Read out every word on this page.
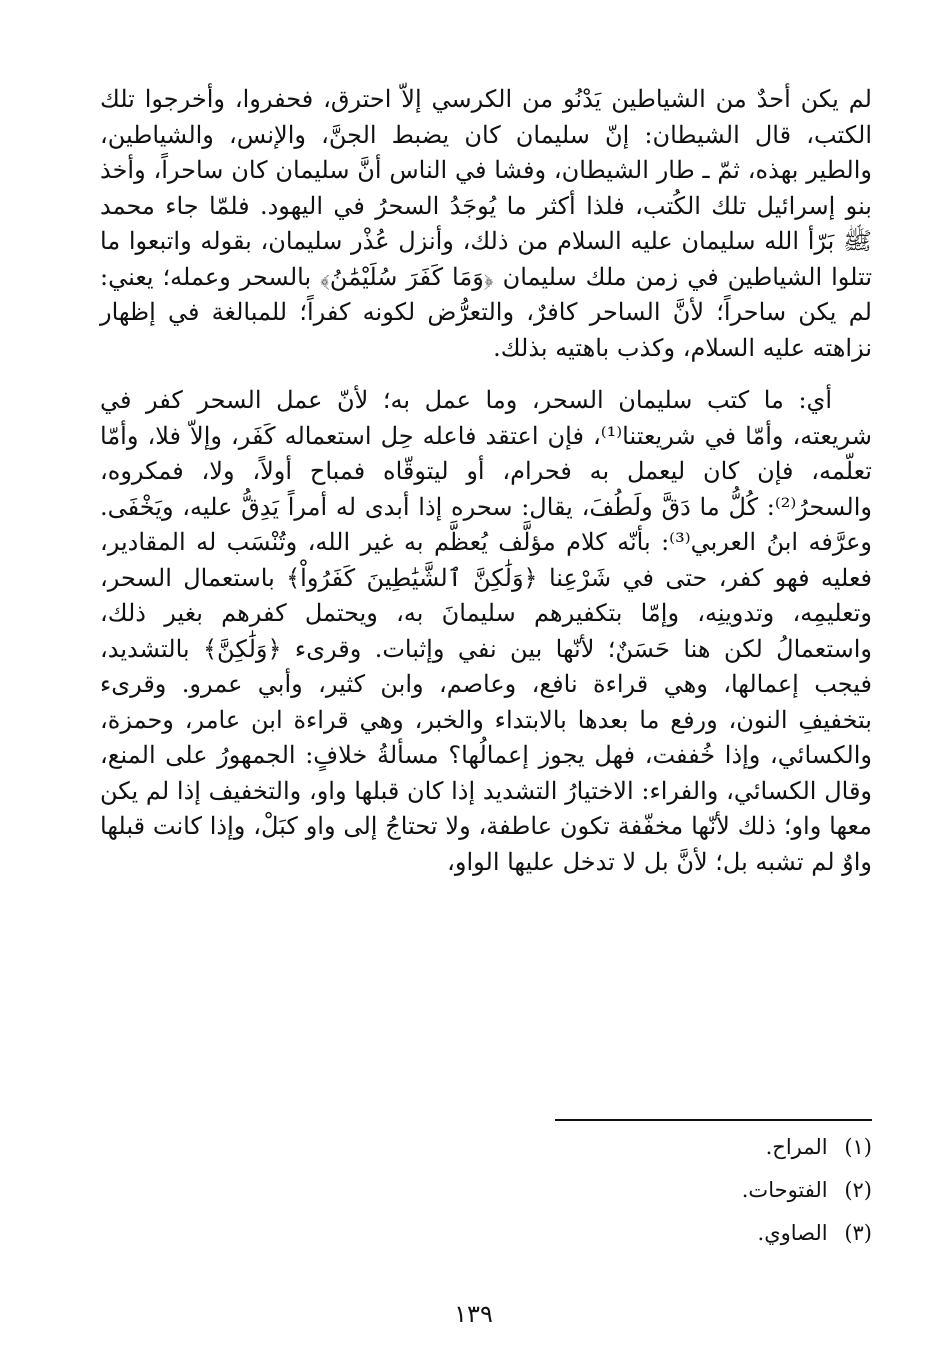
لم يكن أحدٌ من الشياطين يَدْنُو من الكرسي إلاّ احترق، فحفروا، وأخرجوا تلك الكتب، قال الشيطان: إنّ سليمان كان يضبط الجنَّ، والإنس، والشياطين، والطير بهذه، ثمّ ـ طار الشيطان، وفشا في الناس أنَّ سليمان كان ساحراً، وأخذ بنو إسرائيل تلك الكُتب، فلذا أكثر ما يُوجَدُ السحرُ في اليهود. فلمّا جاء محمد ﷺ بَرّأ الله سليمان عليه السلام من ذلك، وأنزل عُذْر سليمان، بقوله واتبعوا ما تتلوا الشياطين في زمن ملك سليمان ﴿وَمَا كَفَرَ سُلَيْمَٰنُ﴾ بالسحر وعمله؛ يعني: لم يكن ساحراً؛ لأنَّ الساحر كافرٌ، والتعرُّض لكونه كفراً؛ للمبالغة في إظهار نزاهته عليه السلام، وكذب باهتيه بذلك.

أي: ما كتب سليمان السحر، وما عمل به؛ لأنّ عمل السحر كفر في شريعته، وأمّا في شريعتنا⁽¹⁾، فإن اعتقد فاعله حِل استعماله كَفَر، وإلاّ فلا، وأمّا تعلّمه، فإن كان ليعمل به فحرام، أو ليتوقّاه فمباح أولاً، ولا، فمكروه، والسحرُ⁽²⁾: كُلُّ ما دَقَّ ولَطُفَ، يقال: سحره إذا أبدى له أمراً يَدِقُّ عليه، ويَخْفَى. وعرَّفه ابنُ العربي⁽³⁾: بأنّه كلام مؤلَّف يُعظَّم به غير الله، وتُنْسَب له المقادير، فعليه فهو كفر، حتى في شَرْعِنا ﴿وَلَٰكِنَّ ٱلشَّيَٰطِينَ كَفَرُواْ﴾ باستعمال السحر، وتعليمِه، وتدوينِه، وإمّا بتكفيرهم سليمانَ به، ويحتمل كفرهم بغير ذلك، واستعمالُ لكن هنا حَسَنٌ؛ لأنّها بين نفي وإثبات. وقرىء ﴿وَلَٰكِنَّ﴾ بالتشديد، فيجب إعمالها، وهي قراءة نافع، وعاصم، وابن كثير، وأبي عمرو. وقرىء بتخفيفِ النون، ورفع ما بعدها بالابتداء والخبر، وهي قراءة ابن عامر، وحمزة، والكسائي، وإذا خُففت، فهل يجوز إعمالُها؟ مسألةُ خلافٍ: الجمهورُ على المنع، وقال الكسائي، والفراء: الاختيارُ التشديد إذا كان قبلها واو، والتخفيف إذا لم يكن معها واو؛ ذلك لأنّها مخفّفة تكون عاطفة، ولا تحتاجُ إلى واو كبَلْ، وإذا كانت قبلها واوٌ لم تشبه بل؛ لأنَّ بل لا تدخل عليها الواو،

(١) المراح.
(٢) الفتوحات.
(٣) الصاوي.
١٣٩
